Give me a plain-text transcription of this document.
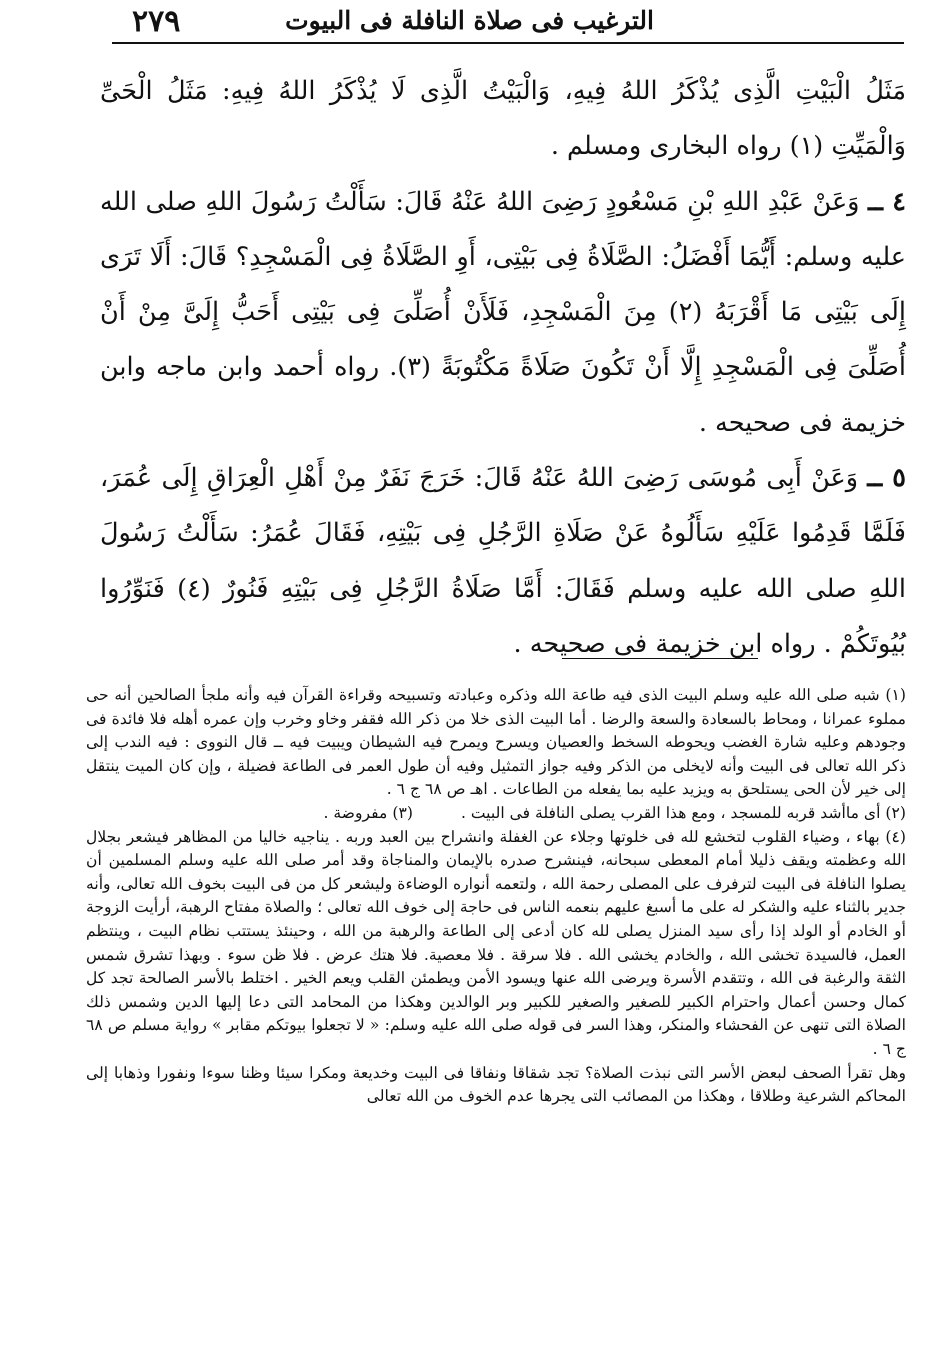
٢٧٩	الترغيب فى صلاة النافلة فى البيوت

مَثَلُ الْبَيْتِ الَّذِى يُذْكَرُ اللهُ فِيهِ، وَالْبَيْتُ الَّذِى لَا يُذْكَرُ اللهُ فِيهِ: مَثَلُ الْحَىِّ وَالْمَيِّتِ (١) رواه البخارى ومسلم .

٤ ــ وَعَنْ عَبْدِ اللهِ بْنِ مَسْعُودٍ رَضِىَ اللهُ عَنْهُ قَالَ: سَأَلْتُ رَسُولَ اللهِ صلى الله عليه وسلم: أَيُّمَا أَفْضَلُ: الصَّلَاةُ فِى بَيْتِى، أَوِ الصَّلَاةُ فِى الْمَسْجِدِ؟ قَالَ: أَلَا تَرَى إِلَى بَيْتِى مَا أَقْرَبَهُ (٢) مِنَ الْمَسْجِدِ، فَلَأَنْ أُصَلِّىَ فِى بَيْتِى أَحَبُّ إِلَىَّ مِنْ أَنْ أُصَلِّىَ فِى الْمَسْجِدِ إِلَّا أَنْ تَكُونَ صَلَاةً مَكْتُوبَةً (٣). رواه أحمد وابن ماجه وابن خزيمة فى صحيحه .

٥ ــ وَعَنْ أَبِى مُوسَى رَضِىَ اللهُ عَنْهُ قَالَ: خَرَجَ نَفَرٌ مِنْ أَهْلِ الْعِرَاقِ إِلَى عُمَرَ، فَلَمَّا قَدِمُوا عَلَيْهِ سَأَلُوهُ عَنْ صَلَاةِ الرَّجُلِ فِى بَيْتِهِ، فَقَالَ عُمَرُ: سَأَلْتُ رَسُولَ اللهِ صلى الله عليه وسلم فَقَالَ: أَمَّا صَلَاةُ الرَّجُلِ فِى بَيْتِهِ فَنُورٌ (٤) فَنَوِّرُوا بُيُوتَكُمْ . رواه ابن خزيمة فى صحيحه .

(١) شبه صلى الله عليه وسلم البيت الذى فيه طاعة الله وذكره وعبادته وتسبيحه وقراءة القرآن فيه وأنه ملجأ الصالحين أنه حى مملوء عمرانا ، ومحاط بالسعادة والسعة والرضا . أما البيت الذى خلا من ذكر الله فقفر وخاو وخرب وإن عمره أهله فلا فائدة فى وجودهم وعليه شارة الغضب ويحوطه السخط والعصيان ويسرح ويمرح فيه الشيطان ويبيت فيه ــ قال النووى : فيه الندب إلى ذكر الله تعالى فى البيت وأنه لايخلى من الذكر وفيه جواز التمثيل وفيه أن طول العمر فى الطاعة فضيلة ، وإن كان الميت ينتقل إلى خير لأن الحى يستلحق به ويزيد عليه بما يفعله من الطاعات . اهـ ص ٦٨ ج ٦ .

(٢) أى ماأشد قربه للمسجد ، ومع هذا القرب يصلى النافلة فى البيت .
(٣) مفروضة .

(٤) بهاء ، وضياء القلوب لتخشع لله فى خلوتها وجلاء عن الغفلة وانشراح بين العبد وربه . يناجيه خاليا من المظاهر فيشعر بجلال الله وعظمته ويقف ذليلا أمام المعطى سبحانه، فينشرح صدره بالإيمان والمناجاة وقد أمر صلى الله عليه وسلم المسلمين أن يصلوا النافلة فى البيت لترفرف على المصلى رحمة الله ، ولتعمه أنواره الوضاءة وليشعر كل من فى البيت بخوف الله تعالى، وأنه جدير بالثناء عليه والشكر له على ما أسبغ عليهم بنعمه الناس فى حاجة إلى خوف الله تعالى ؛ والصلاة مفتاح الرهبة، أرأيت الزوجة أو الخادم أو الولد إذا رأى سيد المنزل يصلى لله كان أدعى إلى الطاعة والرهبة من الله ، وحينئذ يستتب نظام البيت ، وينتظم العمل، فالسيدة تخشى الله ، والخادم يخشى الله . فلا سرقة . فلا معصية. فلا هتك عرض . فلا ظن سوء . وبهذا تشرق شمس الثقة والرغبة فى الله ، وتتقدم الأسرة ويرضى الله عنها ويسود الأمن ويطمئن القلب ويعم الخير . اختلط بالأسر الصالحة تجد كل كمال وحسن أعمال واحترام الكبير للصغير والصغير للكبير وبر الوالدين وهكذا من المحامد التى دعا إليها الدين وشمس ذلك الصلاة التى تنهى عن الفحشاء والمنكر، وهذا السر فى قوله صلى الله عليه وسلم: « لا تجعلوا بيوتكم مقابر » رواية مسلم ص ٦٨ ج ٦ .

وهل تقرأ الصحف لبعض الأسر التى نبذت الصلاة؟ تجد شقاقا ونفاقا فى البيت وخديعة ومكرا سيئا وظنا سوءا ونفورا وذهابا إلى المحاكم الشرعية وطلاقا ، وهكذا من المصائب التى يجرها عدم الخوف من الله تعالى
